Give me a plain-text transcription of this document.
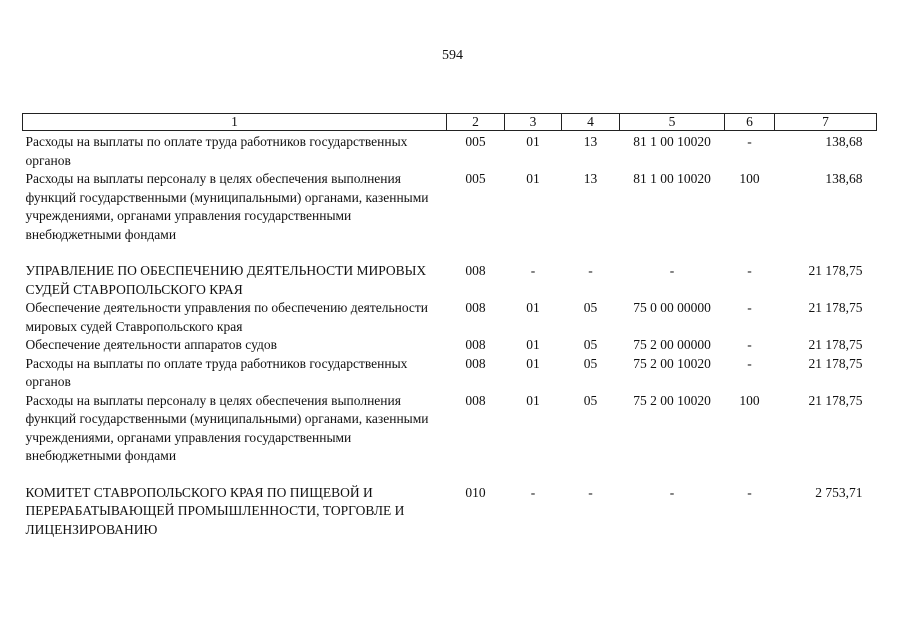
594
1	2	3	4	5	6	7
Расходы на выплаты по оплате труда работников государственных органов	005	01	13	81 1 00 10020	-	138,68
Расходы на выплаты персоналу в целях обеспечения выполнения функций государственными (муниципальными) органами, казенными учреждениями, органами управления государственными внебюджетными фондами	005	01	13	81 1 00 10020	100	138,68

УПРАВЛЕНИЕ ПО ОБЕСПЕЧЕНИЮ ДЕЯТЕЛЬНОСТИ МИРОВЫХ СУДЕЙ СТАВРОПОЛЬСКОГО КРАЯ	008	-	-	-	-	21 178,75
Обеспечение деятельности управления по обеспечению деятельности мировых судей Ставропольского края	008	01	05	75 0 00 00000	-	21 178,75
Обеспечение деятельности аппаратов судов	008	01	05	75 2 00 00000	-	21 178,75
Расходы на выплаты по оплате труда работников государственных органов	008	01	05	75 2 00 10020	-	21 178,75
Расходы на выплаты персоналу в целях обеспечения выполнения функций государственными (муниципальными) органами, казенными учреждениями, органами управления государственными внебюджетными фондами	008	01	05	75 2 00 10020	100	21 178,75

КОМИТЕТ СТАВРОПОЛЬСКОГО КРАЯ ПО ПИЩЕВОЙ И ПЕРЕРАБАТЫВАЮЩЕЙ ПРОМЫШЛЕННОСТИ, ТОРГОВЛЕ И ЛИЦЕНЗИРОВАНИЮ	010	-	-	-	-	2 753,71
